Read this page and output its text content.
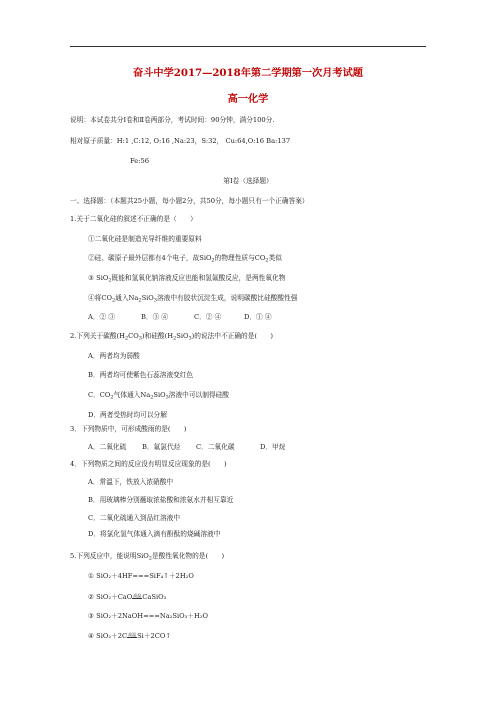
奋斗中学2017—2018年第二学期第一次月考试题
高一化学
说明：本试卷共分Ⅰ卷和Ⅱ卷两部分，考试时间：90分钟，满分100分.
相对原子质量：H:1 ,C:12, O:16 ,Na:23，S:32， Cu:64,O:16 Ba:137
Fe:56
第Ⅰ卷（选择题）
一、选择题：（本题共25小题，每小题2分，共50分，每小题只有一个正确答案）
1.关于二氧化硅的叙述不正确的是（　　）
①二氧化硅是制造光导纤维的重要原料
②硅、碳原子最外层都有4个电子，故SiO$_2$的物理性质与$CO_2$类似
③ SiO$_2$既能和氢氧化钠溶液反应也能和氢氟酸反应，是两性氧化物
④将$CO_2$通入$Na_2SiO_3$溶液中有胶状沉淀生成，说明碳酸比硅酸酸性强
A．② ③	B．③ ④	C．② ④	D．① ④
2.下列关于碳酸$(H_2CO_3)$和硅酸$(H_2SiO_3)$的说法中不正确的是(　　)
A．两者均为弱酸
B．两者均可使紫色石蕊溶液变红色
C．$CO_2$气体通入$Na_2SiO_3$溶液中可以制得硅酸
D．两者受热时均可以分解
3．下列物质中，可形成酸雨的是(　　)
A．二氧化硫 B．氟氯代烃 C．二氧化碳	D．甲烷
4．下列物质之间的反应没有明显反应现象的是(　　)
A．常温下，铁放入浓硝酸中
B．用玻璃棒分别蘸取浓盐酸和浓氨水并相互靠近
C．二氧化硫通入到品红溶液中
D．将氯化氢气体通入滴有酚酞的烧碱溶液中
5.下列反应中，能说明SiO$_2$是酸性氧化物的是(　　)
① SiO₂＋4HF===SiF₄↑＋2H₂O
② SiO₂＋CaO$^{高温}$CaSiO₃
③ SiO₂＋2NaOH===Na₂SiO₃＋H₂O
④ $SiO_2+2C^{高温}Si+2CO↑$
